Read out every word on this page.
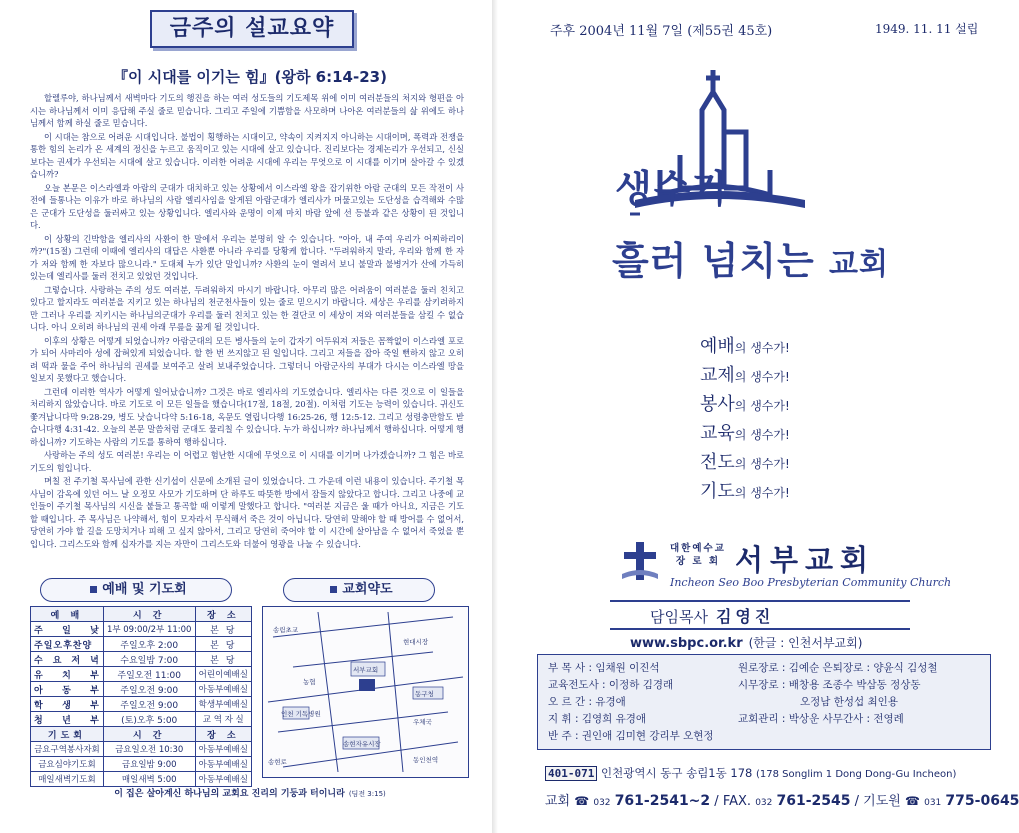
금주의 설교요약
『이 시대를 이기는 힘』(왕하 6:14-23)

할렐루야, 하나님께서 새벽마다 기도의 행진을 하는 여러 성도들의 기도제목 위에 이미 여러분들의 처지와 형편을 아시는 하나님께서 이미 응답해 주실 줄로 믿습니다. 그리고 주일에 기쁨함을 사모하며 나아온 여러분들의 삶 위에도 하나님께서 함께 하실 줄로 믿습니다.

이 시대는 참으로 어려운 시대입니다. 불법이 횡행하는 시대이고, 약속이 지켜지지 아니하는 시대이며, 폭력과 전쟁을 통한 힘의 논리가 온 세계의 정신을 누르고 움직이고 있는 시대에 살고 있습니다. 진리보다는 경제논리가 우선되고, 신실보다는 권세가 우선되는 시대에 살고 있습니다. 이러한 어려운 시대에 우리는 무엇으로 이 시대를 이기며 살아갈 수 있겠습니까?

오늘 본문은 이스라엘과 아람의 군대가 대치하고 있는 상황에서 이스라엘 왕을 잡기위한 아람 군대의 모든 작전이 사전에 들통나는 이유가 바로 하나님의 사람 엘리사임을 알게된 아람군대가 엘리사가 머물고있는 도단성을 습격해와 수많은 군대가 도단성을 둘러싸고 있는 상황입니다. 엘리사와 운명이 이제 마치 바람 앞에 선 등불과 같은 상황이 된 것입니다.

이 상황의 긴박함을 엘리사의 사환이 한 말에서 우리는 분명히 알 수 있습니다. "아아, 내 주여 우리가 어찌하리이까?"(15절) 그런데 이때에 엘리사의 대답은 사환뿐 아니라 우리를 당황케 합니다. "두려워하지 말라, 우리와 함께 한 자가 저와 함께 한 자보다 많으니라." 도대체 누가 있단 말입니까? 사환의 눈이 열려서 보니 불말과 불병거가 산에 가득히 있는데 엘리사를 둘러 전치고 있었던 것입니다.

그렇습니다. 사랑하는 주의 성도 여러분, 두려워하지 마시기 바랍니다. 아무리 많은 어려움이 여러분을 둘러 친치고 있다고 할지라도 여러분을 지키고 있는 하나님의 천군천사들이 있는 줄로 믿으시기 바랍니다. 세상은 우리를 삼키려하지만 그러나 우리를 지키시는 하나님의군대가 우리를 둘러 친치고 있는 한 결단코 이 세상이 져와 여러분들을 삼킬 수 없습니다. 아니 오히려 하나님의 권세 아래 무릎을 꿇게 될 것입니다.

이후의 상황은 어떻게 되었습니까? 아람군대의 모든 병사들의 눈이 갑자기 어두워져 저들은 꼼짝없이 이스라엘 포로가 되어 사마리아 성에 잡혀있게 되었습니다. 할 한 번 쓰지않고 된 일입니다. 그리고 저들을 잡아 죽일 뻔하지 않고 오히려 떡과 물을 주어 하나님의 권세를 보여주고 살려 보내주었습니다. 그렇더니 아람군사의 부대가 다시는 이스라엘 땅을 일보지 못했다고 했습니다.

그런데 이러한 역사가 어떻게 일어났습니까? 그것은 바로 엘리사의 기도였습니다. 엘리사는 다른 것으로 이 일들을 처리하지 않았습니다. 바로 기도로 이 모든 일들을 했습니다(17절, 18절, 20절). 이처럼 기도는 능력이 있습니다. 귀신도 쫓겨납니다막 9:28-29, 병도 낫습니다약 5:16-18, 옥문도 열립니다행 16:25-26, 행 12:5-12. 그리고 성령충만함도 받습니다행 4:31-42. 오늘의 본문 말씀처럼 군대도 물리칠 수 있습니다. 누가 하십니까? 하나님께서 행하십니다. 어떻게 행하십니까? 기도하는 사람의 기도를 통하여 행하십니다.

사랑하는 주의 성도 여러분! 우리는 이 어렵고 험난한 시대에 무엇으로 이 시대를 이기며 나가겠습니까? 그 힘은 바로 기도의 힘입니다.

며칠 전 주기철 목사님에 관한 신기섭이 신문에 소개된 글이 있었습니다. 그 가운데 이런 내용이 있습니다. 주기철 목사님이 감옥에 있던 어느 날 오정모 사모가 기도하며 단 하루도 따뜻한 방에서 잠들지 않았다고 합니다. 그리고 나중에 교인들이 주기철 목사님의 시신을 붙들고 통곡할 때 이렇게 말했다고 합니다. "여러분 지금은 울 때가 아니요, 지금은 기도할 때입니다. 주 목사님은 나약해서, 힘이 모자라서 무식해서 죽은 것이 아닙니다. 당연히 말해야 할 때 방어를 수 없어서, 당연히 가야 할 길을 도망치거나 피해 고 싶지 않아서, 그리고 당연히 죽어야 할 이 시간에 살아남을 수 없어서 죽었을 뿐입니다. 그리스도와 함께 십자가를 지는 자만이 그리스도와 더불어 영광을 나눌 수 있습니다.

예배 및 기도회	교회약도
예 배	시 간	장 소
주 일 낮	1부 09:00/2부 11:00	본 당
주일오후찬양	주일오후 2:00	본 당
수 요 저 녁	수요일밤 7:00	본 당
유 치 부	주일오전 11:00	어린이예배실
아 동 부	주일오전 9:00	아동부예배실
학 생 부	주일오전 9:00	학생부예배실
청 년 부	(토)오후 5:00	교 역 자 실
기도회	시 간	장 소
금요구역봉사자회	금요일오전 10:30	아동부예배실
금요심야기도회	금요일밤 9:00	아동부예배실
매일새벽기도회	매일새벽 5:00	아동부예배실
서부교회
송림초교
현대시장
동인천역
인천 기독병원
동구청
송현자유시장
송현로
농협
우체국
이 집은 살아계신 하나님의 교회요 진리의 기둥과 터이니라 (딤전 3:15)
주후 2004년 11월 7일 (제55권 45호)	1949. 11. 11 설립
생수가
흘러 넘치는 교회
예배의 생수가!
교제의 생수가!
봉사의 생수가!
교육의 생수가!
전도의 생수가!
기도의 생수가!
대한예수교
장 로 회 서부교회
Incheon Seo Boo Presbyterian Community Church
담임목사 김영진
www.sbpc.or.kr (한글 : 인천서부교회)
부 목 사 : 임채원 이진석
교육전도사 : 이정하 김경래
오 르 간 : 유경애
지 휘 : 김영희 유경애
반 주 : 권인애 김미현 강리부 오현정
원로장로 : 김예순 은퇴장로 : 양윤식 김성철
시무장로 : 배창용 조종수 박삼동 정상동
오정남 한성섭 최인용
교회관리 : 박상운 사무간사 : 전영례
401-071 인천광역시 동구 송림1동 178 (178 Songlim 1 Dong Dong-Gu Incheon)
교회 ☎ 032 761-2541~2 / FAX. 032 761-2545 / 기도원 ☎ 031 775-0645
